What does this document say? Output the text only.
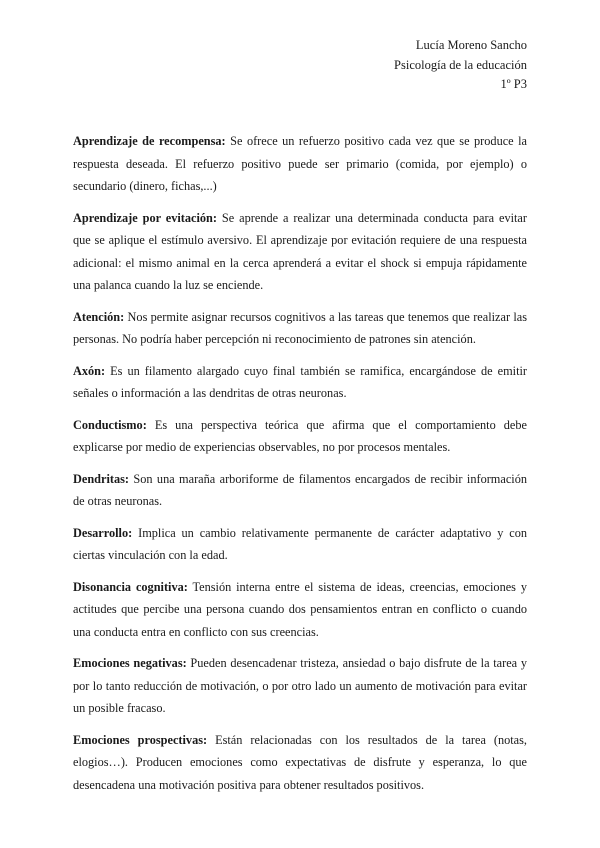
Lucía Moreno Sancho
Psicología de la educación
1º P3

Aprendizaje de recompensa: Se ofrece un refuerzo positivo cada vez que se produce la respuesta deseada. El refuerzo positivo puede ser primario (comida, por ejemplo) o secundario (dinero, fichas,...)

Aprendizaje por evitación: Se aprende a realizar una determinada conducta para evitar que se aplique el estímulo aversivo. El aprendizaje por evitación requiere de una respuesta adicional: el mismo animal en la cerca aprenderá a evitar el shock si empuja rápidamente una palanca cuando la luz se enciende.

Atención: Nos permite asignar recursos cognitivos a las tareas que tenemos que realizar las personas. No podría haber percepción ni reconocimiento de patrones sin atención.

Axón: Es un filamento alargado cuyo final también se ramifica, encargándose de emitir señales o información a las dendritas de otras neuronas.

Conductismo: Es una perspectiva teórica que afirma que el comportamiento debe explicarse por medio de experiencias observables, no por procesos mentales.

Dendritas: Son una maraña arboriforme de filamentos encargados de recibir información de otras neuronas.

Desarrollo: Implica un cambio relativamente permanente de carácter adaptativo y con ciertas vinculación con la edad.

Disonancia cognitiva: Tensión interna entre el sistema de ideas, creencias, emociones y actitudes que percibe una persona cuando dos pensamientos entran en conflicto o cuando una conducta entra en conflicto con sus creencias.

Emociones negativas: Pueden desencadenar tristeza, ansiedad o bajo disfrute de la tarea y por lo tanto reducción de motivación, o por otro lado un aumento de motivación para evitar un posible fracaso.

Emociones prospectivas: Están relacionadas con los resultados de la tarea (notas, elogios…). Producen emociones como expectativas de disfrute y esperanza, lo que desencadena una motivación positiva para obtener resultados positivos.
